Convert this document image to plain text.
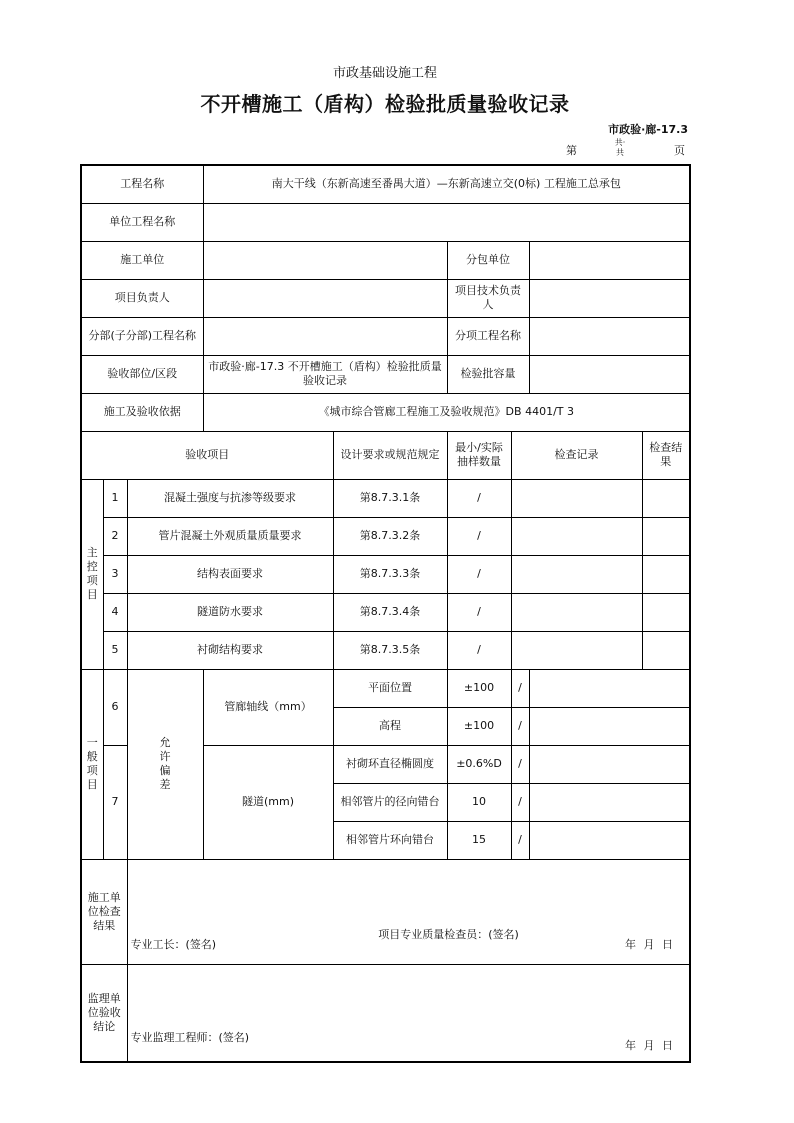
市政基础设施工程
不开槽施工（盾构）检验批质量验收记录
市政验·廊-17.3
第
共·共	页
工程名称			南大干线（东新高速至番禺大道）—东新高速立交(0标) 工程施工总承包					
单位工程名称								
施工单位					分包单位			
项目负责人					项目技术负责人			
分部(子分部)工程名称					分项工程名称			
验收部位/区段			市政验·廊-17.3 不开槽施工（盾构）检验批质量验收记录		检验批容量			
施工及验收依据			《城市综合管廊工程施工及验收规范》DB 4401/T 3					
验收项目				设计要求或规范规定	最小/实际抽样数量	检查记录		检查结果
主控项目	1	混凝土强度与抗渗等级要求		第8.7.3.1条	/			
	2	管片混凝土外观质量质量要求		第8.7.3.2条	/			
	3	结构表面要求		第8.7.3.3条	/			
	4	隧道防水要求		第8.7.3.4条	/			
	5	衬砌结构要求		第8.7.3.5条	/			
一般项目	6	允许偏差	管廊轴线（mm）	平面位置	±100	/		
				高程	±100	/		
	7		隧道(mm)	衬砌环直径椭圆度	±0.6%D	/		
				相邻管片的径向错台	10	/		
				相邻管片环向错台	15	/		
施工单位检查结果		专业工长：(签名)
项目专业质量检查员：(签名)
年 月 日						

监理单位验收结论		专业监理工程师：(签名)
年 月 日						
